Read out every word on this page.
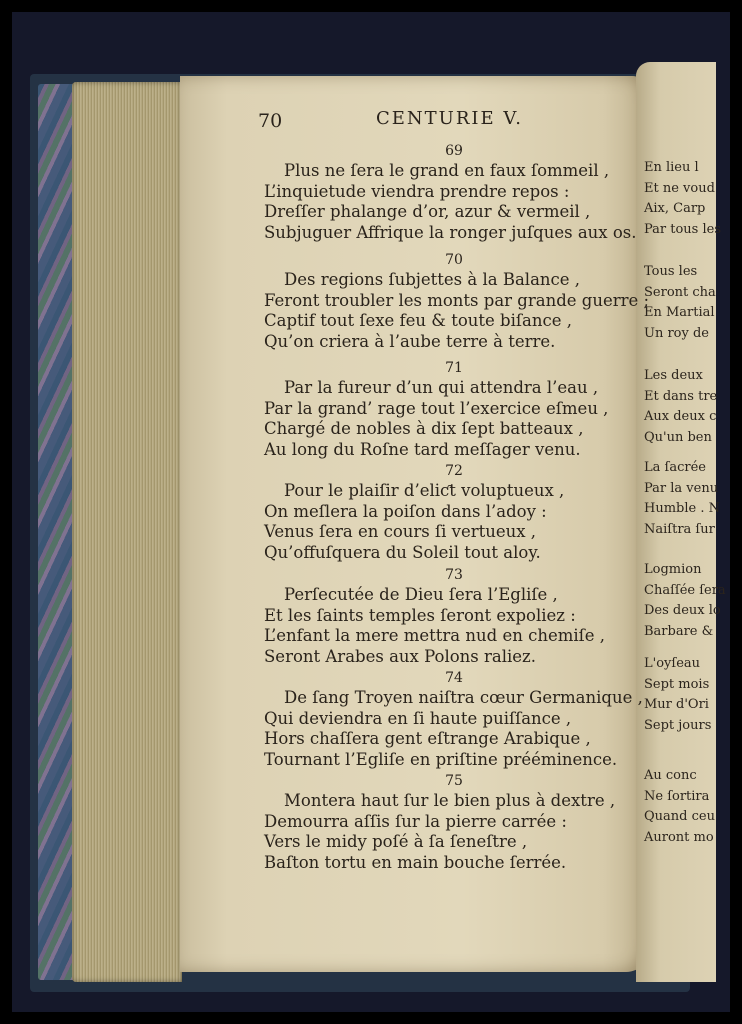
En lieu l
Et ne voud
Aix, Carp
Par tous les
Tous les
Seront cha
En Martial
Un roy de
Les deux
Et dans tre
Aux deux c
Qu'un ben
La ſacrée
Par la venu
Humble . N
Naiſtra ſur
Logmion
Chaſſée ſera
Des deux lo
Barbare &
L'oyſeau
Sept mois
Mur d'Ori
Sept jours
Au conc
Ne ſortira
Quand ceu
Auront mo
70	CENTURIE V.
69
Plus ne ſera le grand en faux ſommeil ,
L’inquietude viendra prendre repos :
Dreſſer phalange d’or, azur & vermeil ,
Subjuguer Affrique la ronger juſques aux os.
70
Des regions ſubjettes à la Balance ,
Feront troubler les monts par grande guerre ;
Captif tout ſexe feu & toute biſance ,
Qu’on criera à l’aube terre à terre.
71
Par la fureur d’un qui attendra l’eau ,
Par la grand’ rage tout l’exercice eſmeu ,
Chargé de nobles à dix ſept batteaux ,
Au long du Roſne tard meſſager venu.
72
Pour le plaiſir d’eliƈt voluptueux ,
On meſlera la poiſon dans l’adoy :
Venus ſera en cours ſi vertueux ,
Qu’offuſquera du Soleil tout aloy.
73
Perſecutée de Dieu ſera l’Egliſe ,
Et les ſaints temples ſeront expoliez :
L’enfant la mere mettra nud en chemiſe ,
Seront Arabes aux Polons raliez.
74
De ſang Troyen naiſtra cœur Germanique ,
Qui deviendra en ſi haute puiſſance ,
Hors chaſſera gent eſtrange Arabique ,
Tournant l’Egliſe en priſtine prééminence.
75
Montera haut ſur le bien plus à dextre ,
Demourra aſſis ſur la pierre carrée :
Vers le midy poſé à ſa ſeneſtre ,
Baſton tortu en main bouche ſerrée.
